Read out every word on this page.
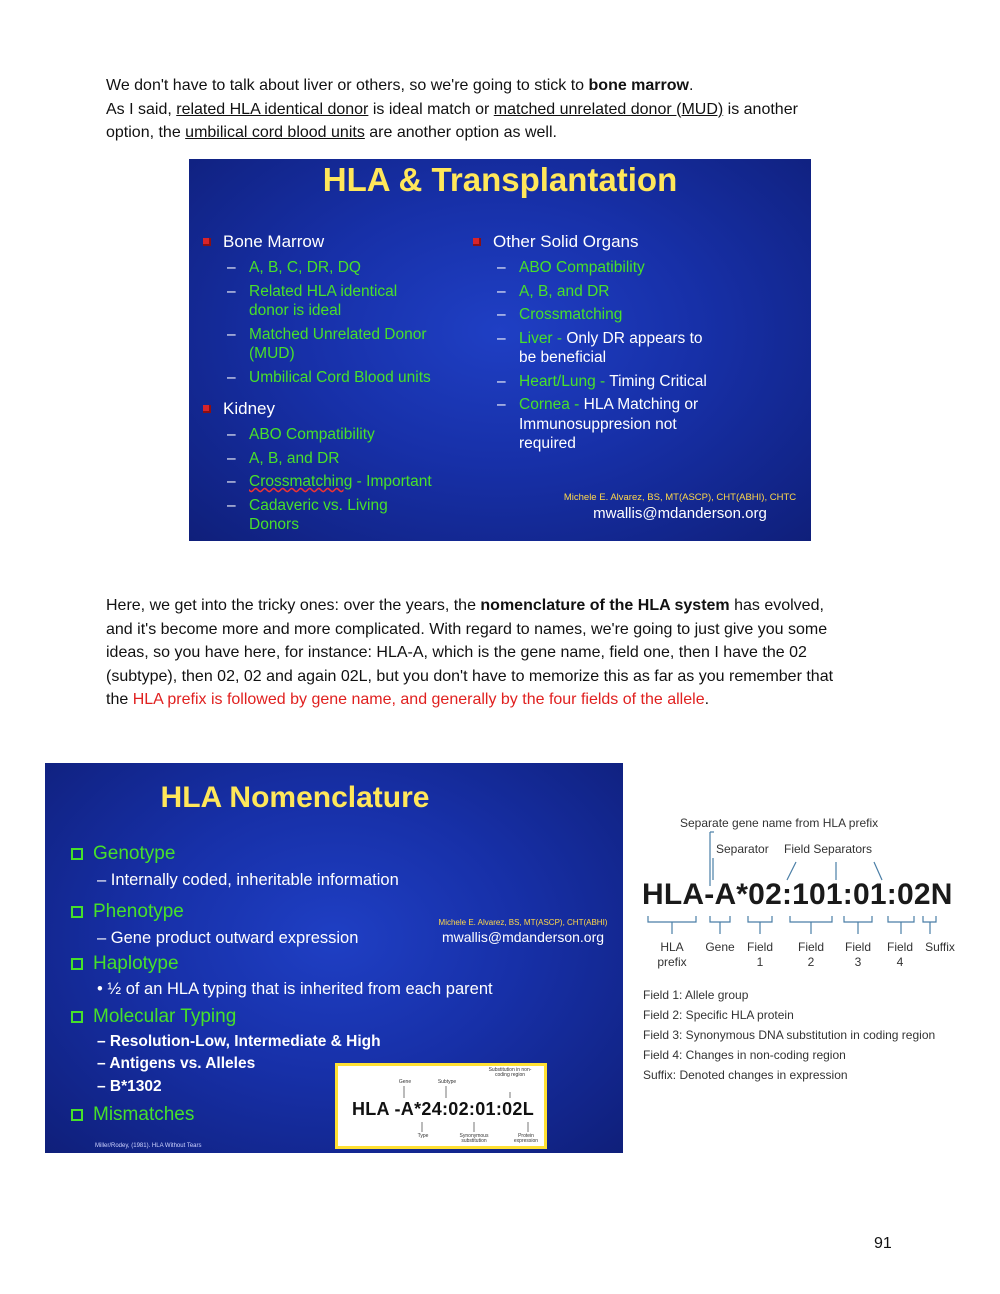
We don't have to talk about liver or others, so we're going to stick to bone marrow.
As I said, related HLA identical donor is ideal match or matched unrelated donor (MUD) is another
option, the umbilical cord blood units are another option as well.
HLA & Transplantation
Bone Marrow
– A, B, C, DR, DQ
– Related HLA identical
donor is ideal
– Matched Unrelated Donor
(MUD)
– Umbilical Cord Blood units
Kidney
– ABO Compatibility
– A, B, and DR
– Crossmatching - Important
– Cadaveric vs. Living
Donors
Other Solid Organs
– ABO Compatibility
– A, B, and DR
– Crossmatching
– Liver - Only DR appears to
be beneficial
– Heart/Lung - Timing Critical
– Cornea - HLA Matching or
Immunosuppresion not
required
Michele E. Alvarez, BS, MT(ASCP), CHT(ABHI), CHTC
mwallis@mdanderson.org
Here, we get into the tricky ones: over the years, the nomenclature of the HLA system has evolved,
and it's become more and more complicated. With regard to names, we're going to just give you some
ideas, so you have here, for instance: HLA-A, which is the gene name, field one, then I have the 02
(subtype), then 02, 02 and again 02L, but you don't have to memorize this as far as you remember that
the HLA prefix is followed by gene name, and generally by the four fields of the allele.
HLA Nomenclature
Genotype
– Internally coded, inheritable information
Phenotype
– Gene product outward expression
Haplotype
• ½ of an HLA typing that is inherited from each parent
Molecular Typing
– Resolution-Low, Intermediate & High
– Antigens vs. Alleles
– B*1302
Mismatches
Michele E. Alvarez, BS, MT(ASCP), CHT(ABHI)
mwallis@mdanderson.org
Miller/Rodey, (1981). HLA Without Tears
Gene	Subtype
Substitution in non-coding region
HLA -A*24:02:01:02L
Type	Synonymous substitution
Protein expression
Separate gene name from HLA prefix
Separator Field Separators
HLA-A*02:101:01:02N
HLA
prefix
Gene Field
1
Field
2
Field
3
Field
4
Suffix
Field 1: Allele group
Field 2: Specific HLA protein
Field 3: Synonymous DNA substitution in coding region
Field 4: Changes in non-coding region
Suffix: Denoted changes in expression
91
